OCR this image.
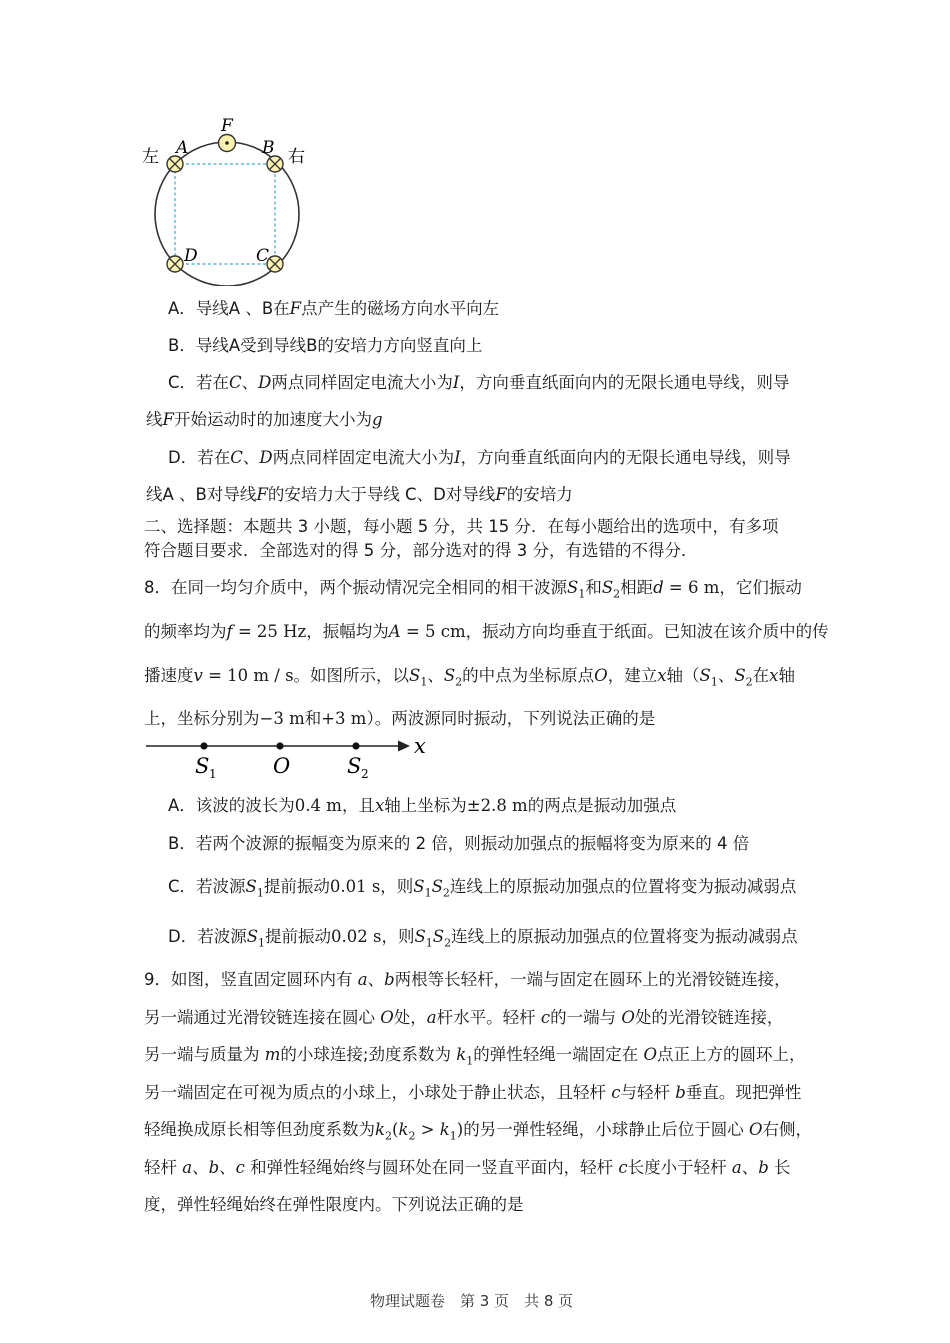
F
A	B
D	C
左	右
A．导线A 、B在F点产生的磁场方向水平向左
B．导线A受到导线B的安培力方向竖直向上
C．若在C、D两点同样固定电流大小为I，方向垂直纸面向内的无限长通电导线，则导
线F开始运动时的加速度大小为g
D．若在C、D两点同样固定电流大小为I，方向垂直纸面向内的无限长通电导线，则导
线A 、B对导线F的安培力大于导线 C、D对导线F的安培力
二、选择题：本题共 3 小题，每小题 5 分，共 15 分．在每小题给出的选项中，有多项
符合题目要求．全部选对的得 5 分，部分选对的得 3 分，有选错的不得分．
8．在同一均匀介质中，两个振动情况完全相同的相干波源$S_1$和$S_2$相距d = 6 m，它们振动
的频率均为f = 25 Hz，振幅均为A = 5 cm，振动方向均垂直于纸面。已知波在该介质中的传
播速度v = 10 m / s。如图所示，以$S_1$、$S_2$的中点为坐标原点O，建立x轴（$S_1$、$S_2$在x轴
上，坐标分别为−3 m和+3 m）。两波源同时振动，下列说法正确的是
x
S 1	O	S 2
A．该波的波长为0.4 m，且x轴上坐标为±2.8 m的两点是振动加强点
B．若两个波源的振幅变为原来的 2 倍，则振动加强点的振幅将变为原来的 4 倍
C．若波源$S_1$提前振动0.01 s，则$S_1S_2$连线上的原振动加强点的位置将变为振动减弱点
D．若波源$S_1$提前振动0.02 s，则$S_1S_2$连线上的原振动加强点的位置将变为振动减弱点
9．如图，竖直固定圆环内有 a、b两根等长轻杆，一端与固定在圆环上的光滑铰链连接，
另一端通过光滑铰链连接在圆心 O处，a杆水平。轻杆 c的一端与 O处的光滑铰链连接，
另一端与质量为 m的小球连接;劲度系数为 $k_1$的弹性轻绳一端固定在 O点正上方的圆环上，
另一端固定在可视为质点的小球上，小球处于静止状态，且轻杆 c与轻杆 b垂直。现把弹性
轻绳换成原长相等但劲度系数为$k_2(k_2 > k_1)$的另一弹性轻绳，小球静止后位于圆心 O右侧，
轻杆 a、b、c 和弹性轻绳始终与圆环处在同一竖直平面内，轻杆 c长度小于轻杆 a、b 长
度，弹性轻绳始终在弹性限度内。下列说法正确的是
物理试题卷　第 3 页　共 8 页
